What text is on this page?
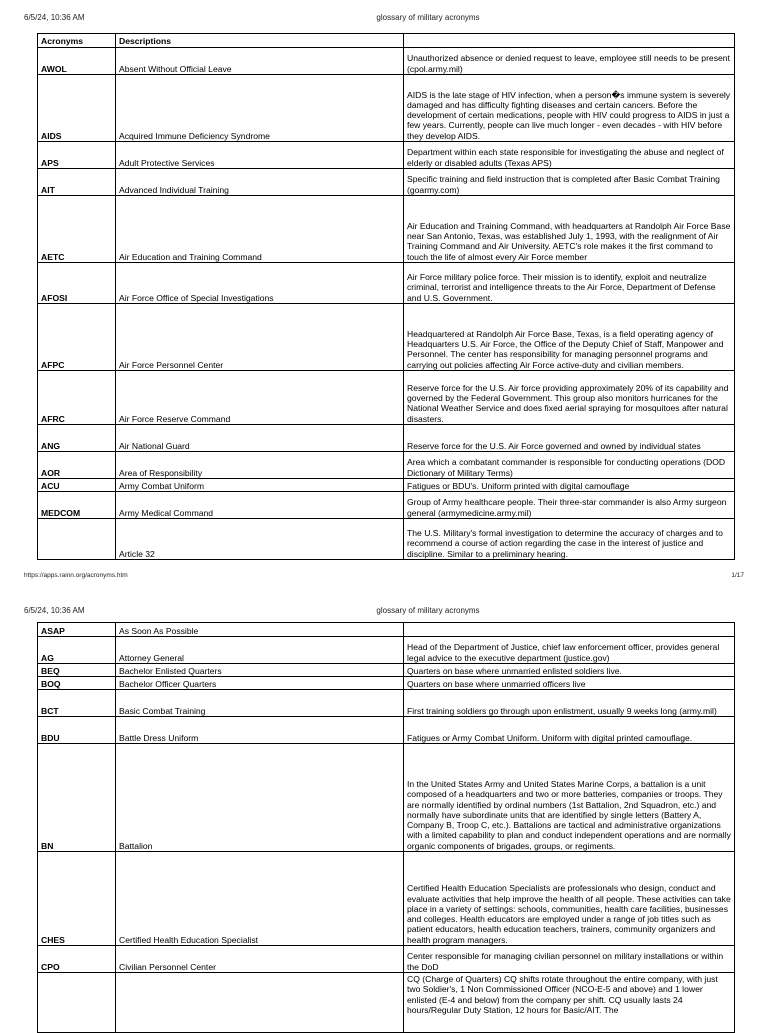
6/5/24, 10:36 AM	glossary of military acronyms
Acronyms	Descriptions	
AWOL	Absent Without Official Leave	Unauthorized absence or denied request to leave, employee still needs to be present (cpol.army.mil)
AIDS	Acquired Immune Deficiency Syndrome	AIDS is the late stage of HIV infection, when a person�s immune system is severely damaged and has difficulty fighting diseases and certain cancers. Before the development of certain medications, people with HIV could progress to AIDS in just a few years. Currently, people can live much longer - even decades - with HIV before they develop AIDS.
APS	Adult Protective Services	Department within each state responsible for investigating the abuse and neglect of elderly or disabled adults (Texas APS)
AIT	Advanced Individual Training	Specific training and field instruction that is completed after Basic Combat Training (goarmy.com)
AETC	Air Education and Training Command	Air Education and Training Command, with headquarters at Randolph Air Force Base near San Antonio, Texas, was established July 1, 1993, with the realignment of Air Training Command and Air University. AETC's role makes it the first command to touch the life of almost every Air Force member
AFOSI	Air Force Office of Special Investigations	Air Force military police force. Their mission is to identify, exploit and neutralize criminal, terrorist and intelligence threats to the Air Force, Department of Defense and U.S. Government.
AFPC	Air Force Personnel Center	Headquartered at Randolph Air Force Base, Texas, is a field operating agency of Headquarters U.S. Air Force, the Office of the Deputy Chief of Staff, Manpower and Personnel. The center has responsibility for managing personnel programs and carrying out policies affecting Air Force active-duty and civilian members.
AFRC	Air Force Reserve Command	Reserve force for the U.S. Air force providing approximately 20% of its capability and governed by the Federal Government. This group also monitors hurricanes for the National Weather Service and does fixed aerial spraying for mosquitoes after natural disasters.
ANG	Air National Guard	Reserve force for the U.S. Air Force governed and owned by individual states
AOR	Area of Responsibility	Area which a combatant commander is responsible for conducting operations (DOD Dictionary of Military Terms)
ACU	Army Combat Uniform	Fatigues or BDU's. Uniform printed with digital camouflage
MEDCOM	Army Medical Command	Group of Army healthcare people. Their three-star commander is also Army surgeon general (armymedicine.army.mil)
	Article 32	The U.S. Military's formal investigation to determine the accuracy of charges and to recommend a course of action regarding the case in the interest of justice and discipline. Similar to a preliminary hearing.
https://apps.rainn.org/acronyms.htm	1/17
6/5/24, 10:36 AM	glossary of military acronyms
ASAP	As Soon As Possible	
AG	Attorney General	Head of the Department of Justice, chief law enforcement officer, provides general legal advice to the executive department (justice.gov)
BEQ	Bachelor Enlisted Quarters	Quarters on base where unmarried enlisted soldiers live.
BOQ	Bachelor Officer Quarters	Quarters on base where unmarried officers live
BCT	Basic Combat Training	First training soldiers go through upon enlistment, usually 9 weeks long (army.mil)
BDU	Battle Dress Uniform	Fatigues or Army Combat Uniform. Uniform with digital printed camouflage.
BN	Battalion	In the United States Army and United States Marine Corps, a battalion is a unit composed of a headquarters and two or more batteries, companies or troops. They are normally identified by ordinal numbers (1st Battalion, 2nd Squadron, etc.) and normally have subordinate units that are identified by single letters (Battery A, Company B, Troop C, etc.). Battalions are tactical and administrative organizations with a limited capability to plan and conduct independent operations and are normally organic components of brigades, groups, or regiments.
CHES	Certified Health Education Specialist	Certified Health Education Specialists are professionals who design, conduct and evaluate activities that help improve the health of all people. These activities can take place in a variety of settings: schools, communities, health care facilities, businesses and colleges. Health educators are employed under a range of job titles such as patient educators, health education teachers, trainers, community organizers and health program managers.
CPO	Civilian Personnel Center	Center responsible for managing civilian personnel on military installations or within the DoD
		CQ (Charge of Quarters) CQ shifts rotate throughout the entire company, with just two Soldier's, 1 Non Commissioned Officer (NCO-E-5 and above) and 1 lower enlisted (E-4 and below) from the company per shift. CQ usually lasts 24 hours/Regular Duty Station, 12 hours for Basic/AIT. The
